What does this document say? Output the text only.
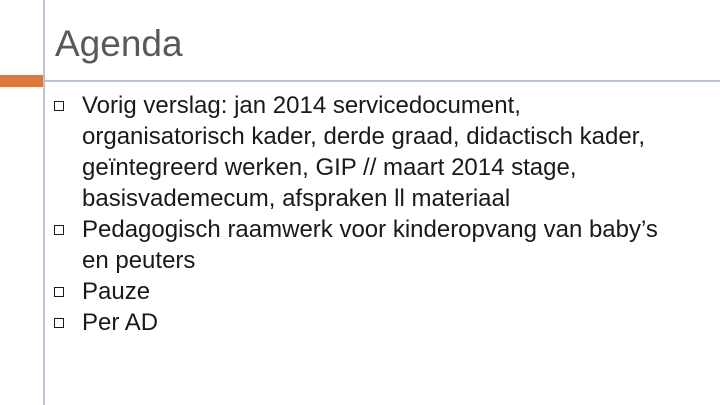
Agenda
Vorig verslag: jan 2014 servicedocument, organisatorisch kader, derde graad, didactisch kader, geïntegreerd werken, GIP // maart 2014 stage, basisvademecum, afspraken ll materiaal
Pedagogisch raamwerk voor kinderopvang van baby’s en peuters
Pauze
Per AD
